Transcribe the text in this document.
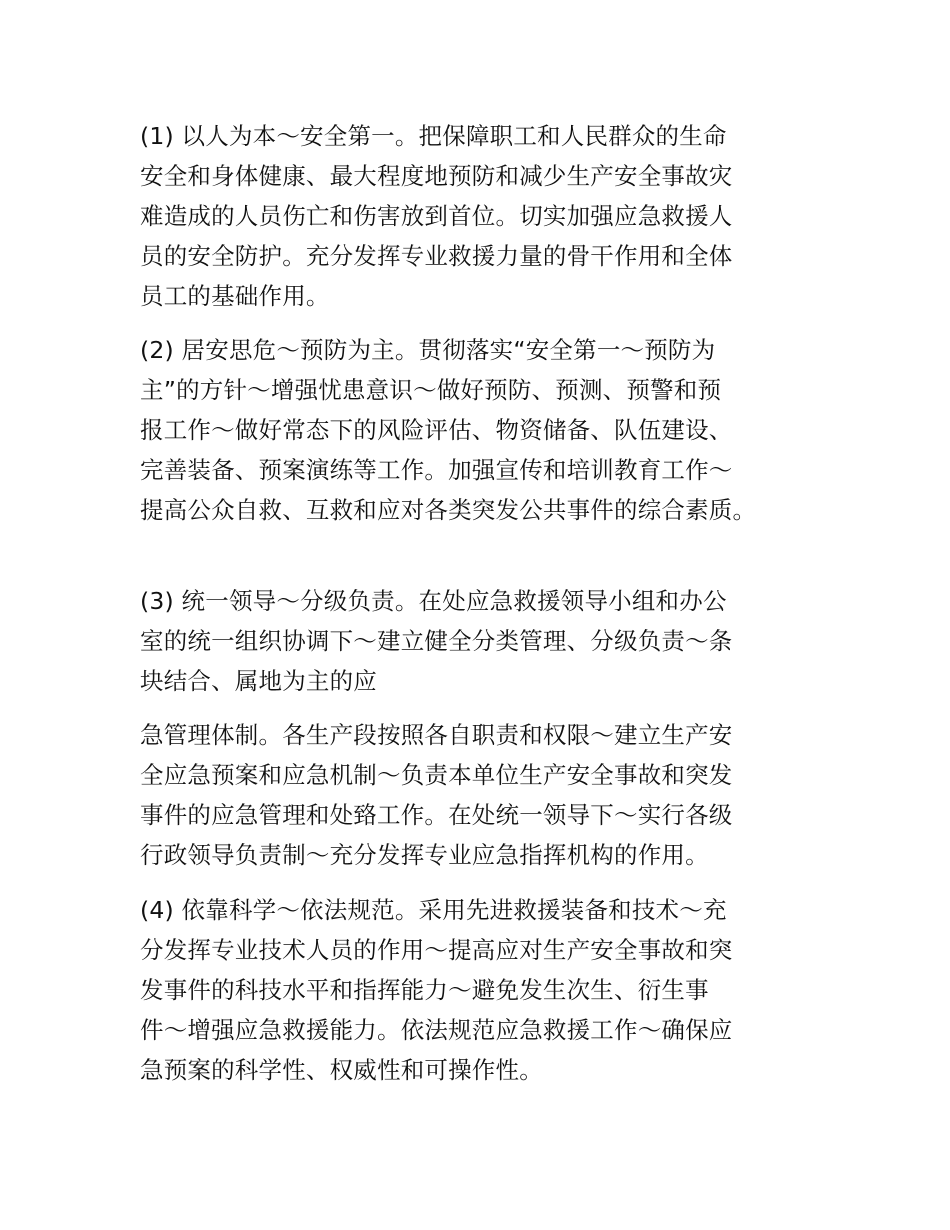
(1) 以人为本～安全第一。把保障职工和人民群众的生命
安全和身体健康、最大程度地预防和减少生产安全事故灾
难造成的人员伤亡和伤害放到首位。切实加强应急救援人
员的安全防护。充分发挥专业救援力量的骨干作用和全体
员工的基础作用。
(2) 居安思危～预防为主。贯彻落实“安全第一～预防为
主”的方针～增强忧患意识～做好预防、预测、预警和预
报工作～做好常态下的风险评估、物资储备、队伍建设、
完善装备、预案演练等工作。加强宣传和培训教育工作～
提高公众自救、互救和应对各类突发公共事件的综合素质。
(3) 统一领导～分级负责。在处应急救援领导小组和办公
室的统一组织协调下～建立健全分类管理、分级负责～条
块结合、属地为主的应
急管理体制。各生产段按照各自职责和权限～建立生产安
全应急预案和应急机制～负责本单位生产安全事故和突发
事件的应急管理和处臵工作。在处统一领导下～实行各级
行政领导负责制～充分发挥专业应急指挥机构的作用。
(4) 依靠科学～依法规范。采用先进救援装备和技术～充
分发挥专业技术人员的作用～提高应对生产安全事故和突
发事件的科技水平和指挥能力～避免发生次生、衍生事
件～增强应急救援能力。依法规范应急救援工作～确保应
急预案的科学性、权威性和可操作性。
